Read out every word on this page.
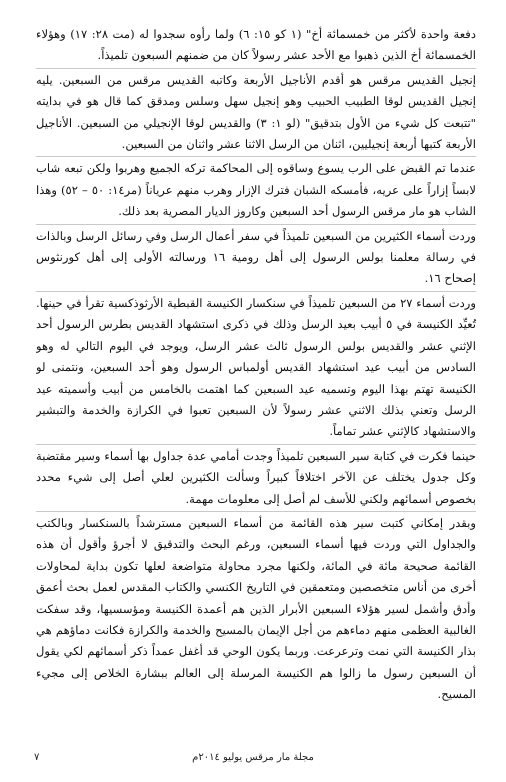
دفعة واحدة لأكثر من خمسمائة أخ" (١ كو ١٥: ٦) ولما رأوه سجدوا له (مت ٢٨: ١٧) وهؤلاء الخمسمائة أخ الذين ذهبوا مع الأحد عشر رسولاً كان من ضمنهم السبعون تلميذاً.

إنجيل القديس مرقس هو أقدم الأناجيل الأربعة وكاتبه القديس مرقس من السبعين. يليه إنجيل القديس لوقا الطبيب الحبيب وهو إنجيل سهل وسلس ومدقق كما قال هو في بدايته "تتبعت كل شيء من الأول بتدقيق" (لو ١: ٣) والقديس لوقا الإنجيلي من السبعين. الأناجيل الأربعة كتبها أربعة إنجيليين، اثنان من الرسل الاثنا عشر واثنان من السبعين.

عندما تم القبض على الرب يسوع وساقوه إلى المحاكمة تركه الجميع وهربوا ولكن تبعه شاب لابساً إزاراً على عريه، فأمسكه الشبان فترك الإزار وهرب منهم عرياناً (مر١٤: ٥٠ – ٥٢) وهذا الشاب هو مار مرقس الرسول أحد السبعين وكاروز الديار المصرية بعد ذلك.

وردت أسماء الكثيرين من السبعين تلميذاً في سفر أعمال الرسل وفي رسائل الرسل وبالذات في رسالة معلمنا بولس الرسول إلى أهل رومية ١٦ ورسالته الأولى إلى أهل كورنثوس إصحاح ١٦.

وردت أسماء ٢٧ من السبعين تلميذاً في سنكسار الكنيسة القبطية الأرثوذكسية تقرأ في حينها. تُعيِّد الكنيسة في ٥ أبيب بعيد الرسل وذلك في ذكرى استشهاد القديس بطرس الرسول أحد الإثني عشر والقديس بولس الرسول ثالث عشر الرسل، ويوجد في اليوم التالي له وهو السادس من أبيب عيد استشهاد القديس أولمباس الرسول وهو أحد السبعين، ونتمنى لو الكنيسة تهتم بهذا اليوم وتسميه عيد السبعين كما اهتمت بالخامس من أبيب وأسميته عيد الرسل وتعني بذلك الاثني عشر رسولاً لأن السبعين تعبوا في الكرازة والخدمة والتبشير والاستشهاد كالإثني عشر تماماً.

حينما فكرت في كتابة سير السبعين تلميذاً وجدت أمامي عدة جداول بها أسماء وسير مقتضبة وكل جدول يختلف عن الآخر اختلافاً كبيراً وسألت الكثيرين لعلي أصل إلى شيء محدد بخصوص أسمائهم ولكني للأسف لم أصل إلى معلومات مهمة.

وبقدر إمكاني كتبت سير هذه القائمة من أسماء السبعين مسترشداً بالسنكسار وبالكتب والجداول التي وردت فيها أسماء السبعين، ورغم البحث والتدقيق لا أجرؤ وأقول أن هذه القائمة صحيحة مائة في المائة، ولكنها مجرد محاولة متواضعة لعلها تكون بداية لمحاولات أخرى من أناس متخصصين ومتعمقين في التاريخ الكنسي والكتاب المقدس لعمل بحث أعمق وأدق وأشمل لسير هؤلاء السبعين الأبرار الذين هم أعمدة الكنيسة ومؤسسيها، وقد سفكت الغالبية العظمى منهم دماءهم من أجل الإيمان بالمسيح والخدمة والكرازة فكانت دماؤهم هي بذار الكنيسة التي نمت وترعرعت. وربما يكون الوحي قد أغفل عمداً ذكر أسمائهم لكي يقول أن السبعين رسول ما زالوا هم الكنيسة المرسلة إلى العالم ببشارة الخلاص إلى مجيء المسيح.

مجلة مار مرقس يوليو ٢٠١٤م
٧
